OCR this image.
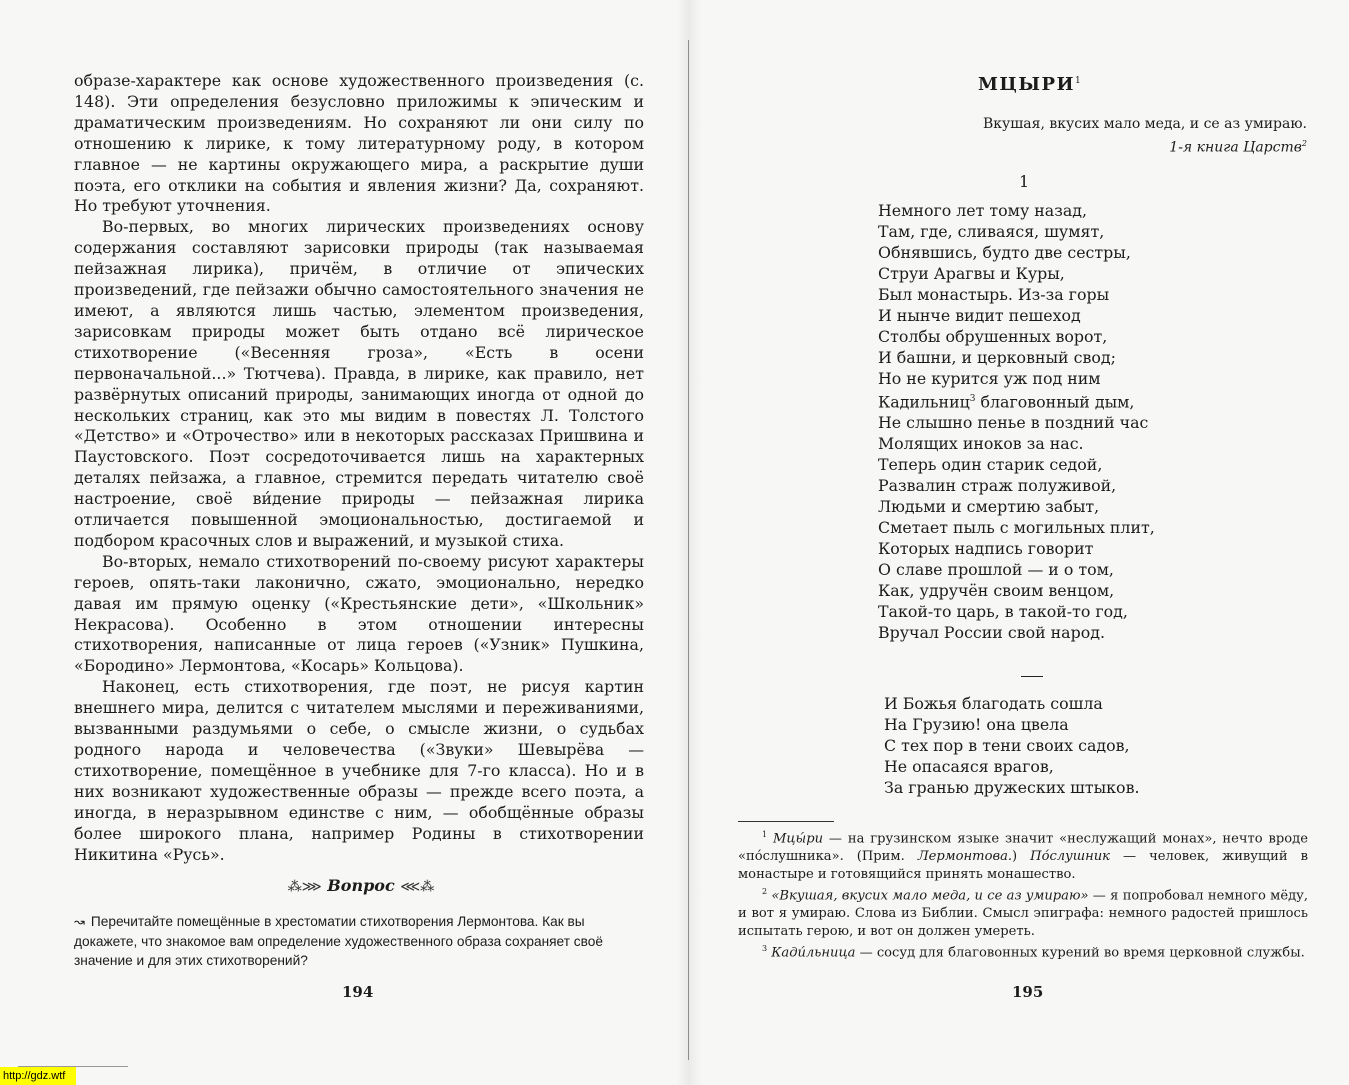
образе-характере как основе художественного произведения (с. 148). Эти определения безусловно приложимы к эпическим и драматическим произведениям. Но сохраняют ли они силу по отношению к лирике, к тому литературному роду, в котором главное — не картины окружающего мира, а раскрытие души поэта, его отклики на события и явления жизни? Да, сохраняют. Но требуют уточнения.

Во-первых, во многих лирических произведениях основу содержания составляют зарисовки природы (так называемая пейзажная лирика), причём, в отличие от эпических произведений, где пейзажи обычно самостоятельного значения не имеют, а являются лишь частью, элементом произведения, зарисовкам природы может быть отдано всё лирическое стихотворение («Весенняя гроза», «Есть в осени первоначальной...» Тютчева). Правда, в лирике, как правило, нет развёрнутых описаний природы, занимающих иногда от одной до нескольких страниц, как это мы видим в повестях Л. Толстого «Детство» и «Отрочество» или в некоторых рассказах Пришвина и Паустовского. Поэт сосредоточивается лишь на характерных деталях пейзажа, а главное, стремится передать читателю своё настроение, своё ви́дение природы — пейзажная лирика отличается повышенной эмоциональностью, достигаемой и подбором красочных слов и выражений, и музыкой стиха.

Во-вторых, немало стихотворений по-своему рисуют характеры героев, опять-таки лаконично, сжато, эмоционально, нередко давая им прямую оценку («Крестьянские дети», «Школьник» Некрасова). Особенно в этом отношении интересны стихотворения, написанные от лица героев («Узник» Пушкина, «Бородино» Лермонтова, «Косарь» Кольцова).

Наконец, есть стихотворения, где поэт, не рисуя картин внешнего мира, делится с читателем мыслями и переживаниями, вызванными раздумьями о себе, о смысле жизни, о судьбах родного народа и человечества («Звуки» Шевырёва — стихотворение, помещённое в учебнике для 7-го класса). Но и в них возникают художественные образы — прежде всего поэта, а иногда, в неразрывном единстве с ним, — обобщённые образы более широкого плана, например Родины в стихотворении Никитина «Русь».

⁂⋙ Вопрос ⋘⁂
↝ Перечитайте помещённые в хрестоматии стихотворения Лермонтова. Как вы докажете, что знакомое вам определение художественного образа сохраняет своё значение и для этих стихотворений?
194
http://gdz.wtf
МЦЫРИ$^1$
Вкушая, вкусих мало меда, и се аз умираю.
1-я книга Царств$^2$
1
Немного лет тому назад,
Там, где, сливаяся, шумят,
Обнявшись, будто две сестры,
Струи Арагвы и Куры,
Был монастырь. Из-за горы
И нынче видит пешеход
Столбы обрушенных ворот,
И башни, и церковный свод;
Но не курится уж под ним
Кадильниц$^3$ благовонный дым,
Не слышно пенье в поздний час
Молящих иноков за нас.
Теперь один старик седой,
Развалин страж полуживой,
Людьми и смертию забыт,
Сметает пыль с могильных плит,
Которых надпись говорит
О славе прошлой — и о том,
Как, удручён своим венцом,
Такой-то царь, в такой-то год,
Вручал России свой народ.
И Божья благодать сошла
На Грузию! она цвела
С тех пор в тени своих садов,
Не опасаяся врагов,
За гранью дружеских штыков.

$^1$ Мцы́ри — на грузинском языке значит «неслужащий монах», нечто вроде «по́слушника». (Прим. Лермонтова.) По́слушник — человек, живущий в монастыре и готовящийся принять монашество.

$^2$ «Вкушая, вкусих мало меда, и се аз умираю» — я попробовал немного мёду, и вот я умираю. Слова из Библии. Смысл эпиграфа: немного радостей пришлось испытать герою, и вот он должен умереть.

$^3$ Кади́льница — сосуд для благовонных курений во время церковной службы.

195
